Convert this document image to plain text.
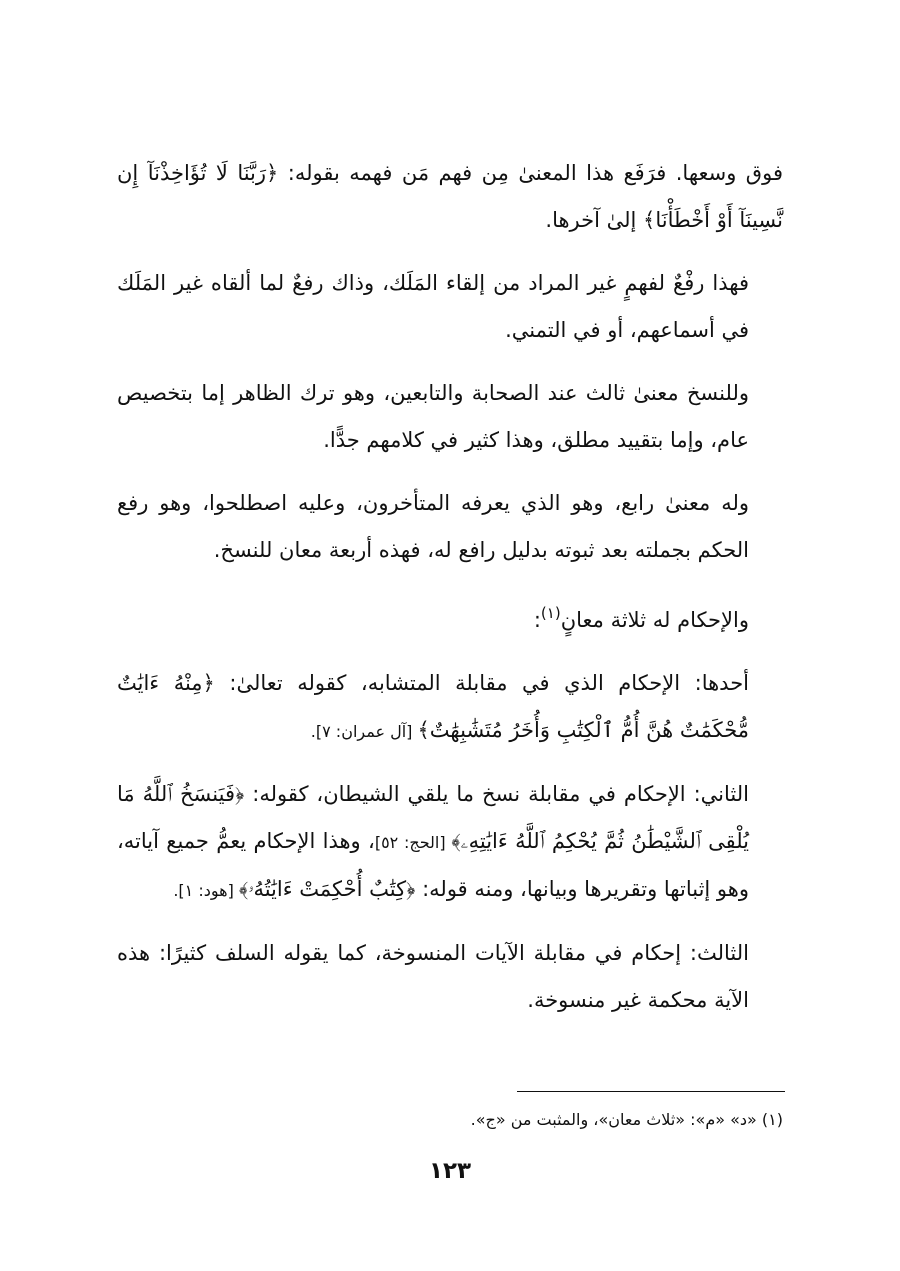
فوق وسعها. فرَفَع هذا المعنىٰ مِن فهم مَن فهمه بقوله: ﴿رَبَّنَا لَا تُؤَاخِذْنَآ إِن نَّسِينَآ أَوْ أَخْطَأْنَا﴾ إلىٰ آخرها.

فهذا رفْعٌ لفهمٍ غير المراد من إلقاء المَلَك، وذاك رفعٌ لما ألقاه غير المَلَك في أسماعهم، أو في التمني.

وللنسخ معنىٰ ثالث عند الصحابة والتابعين، وهو ترك الظاهر إما بتخصيص عام، وإما بتقييد مطلق، وهذا كثير في كلامهم جدًّا.

وله معنىٰ رابع، وهو الذي يعرفه المتأخرون، وعليه اصطلحوا، وهو رفع الحكم بجملته بعد ثبوته بدليل رافع له، فهذه أربعة معان للنسخ.

والإحكام له ثلاثة معانٍ$^{(١)}$:

أحدها: الإحكام الذي في مقابلة المتشابه، كقوله تعالىٰ: ﴿مِنْهُ ءَايَٰتٌ مُّحْكَمَٰتٌ هُنَّ أُمُّ ٱلْكِتَٰبِ وَأُخَرُ مُتَشَٰبِهَٰتٌ﴾ [آل عمران: ٧].

الثاني: الإحكام في مقابلة نسخ ما يلقي الشيطان، كقوله: ﴿فَيَنسَخُ ٱللَّهُ مَا يُلْقِى ٱلشَّيْطَٰنُ ثُمَّ يُحْكِمُ ٱللَّهُ ءَايَٰتِهِۦ﴾ [الحج: ٥٢]، وهذا الإحكام يعمُّ جميع آياته، وهو إثباتها وتقريرها وبيانها، ومنه قوله: ﴿كِتَٰبٌ أُحْكِمَتْ ءَايَٰتُهُۥ﴾ [هود: ١].

الثالث: إحكام في مقابلة الآيات المنسوخة، كما يقوله السلف كثيرًا: هذه الآية محكمة غير منسوخة.

(١) «د» «م»: «ثلاث معان»، والمثبت من «ج».
١٢٣
